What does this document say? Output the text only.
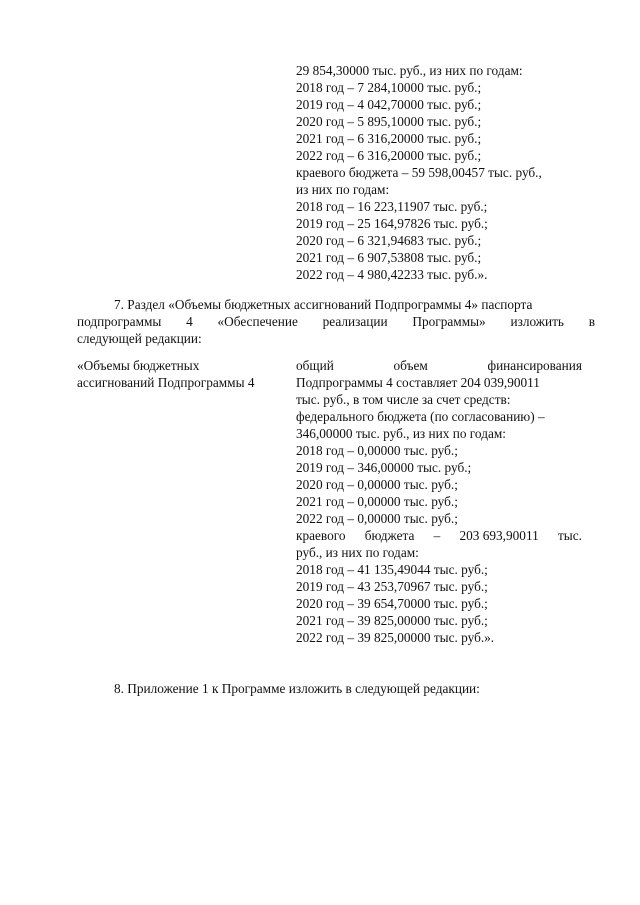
29 854,30000 тыс. руб., из них по годам:
2018 год – 7 284,10000 тыс. руб.;
2019 год – 4 042,70000 тыс. руб.;
2020 год – 5 895,10000 тыс. руб.;
2021 год – 6 316,20000 тыс. руб.;
2022 год – 6 316,20000 тыс. руб.;
краевого бюджета – 59 598,00457 тыс. руб.,
из них по годам:
2018 год – 16 223,11907 тыс. руб.;
2019 год – 25 164,97826 тыс. руб.;
2020 год – 6 321,94683 тыс. руб.;
2021 год – 6 907,53808 тыс. руб.;
2022 год – 4 980,42233 тыс. руб.».
7. Раздел «Объемы бюджетных ассигнований Подпрограммы 4» паспорта
подпрограммы 4 «Обеспечение реализации Программы» изложить в
следующей редакции:
«Объемы бюджетных
ассигнований Подпрограммы 4
общий	объем	финансирования
Подпрограммы 4 составляет 204 039,90011
тыс. руб., в том числе за счет средств:
федерального бюджета (по согласованию) –
346,00000 тыс. руб., из них по годам:
2018 год – 0,00000 тыс. руб.;
2019 год – 346,00000 тыс. руб.;
2020 год – 0,00000 тыс. руб.;
2021 год – 0,00000 тыс. руб.;
2022 год – 0,00000 тыс. руб.;
краевого бюджета – 203 693,90011 тыс.
руб., из них по годам:
2018 год – 41 135,49044 тыс. руб.;
2019 год – 43 253,70967 тыс. руб.;
2020 год – 39 654,70000 тыс. руб.;
2021 год – 39 825,00000 тыс. руб.;
2022 год – 39 825,00000 тыс. руб.».
8. Приложение 1 к Программе изложить в следующей редакции:
